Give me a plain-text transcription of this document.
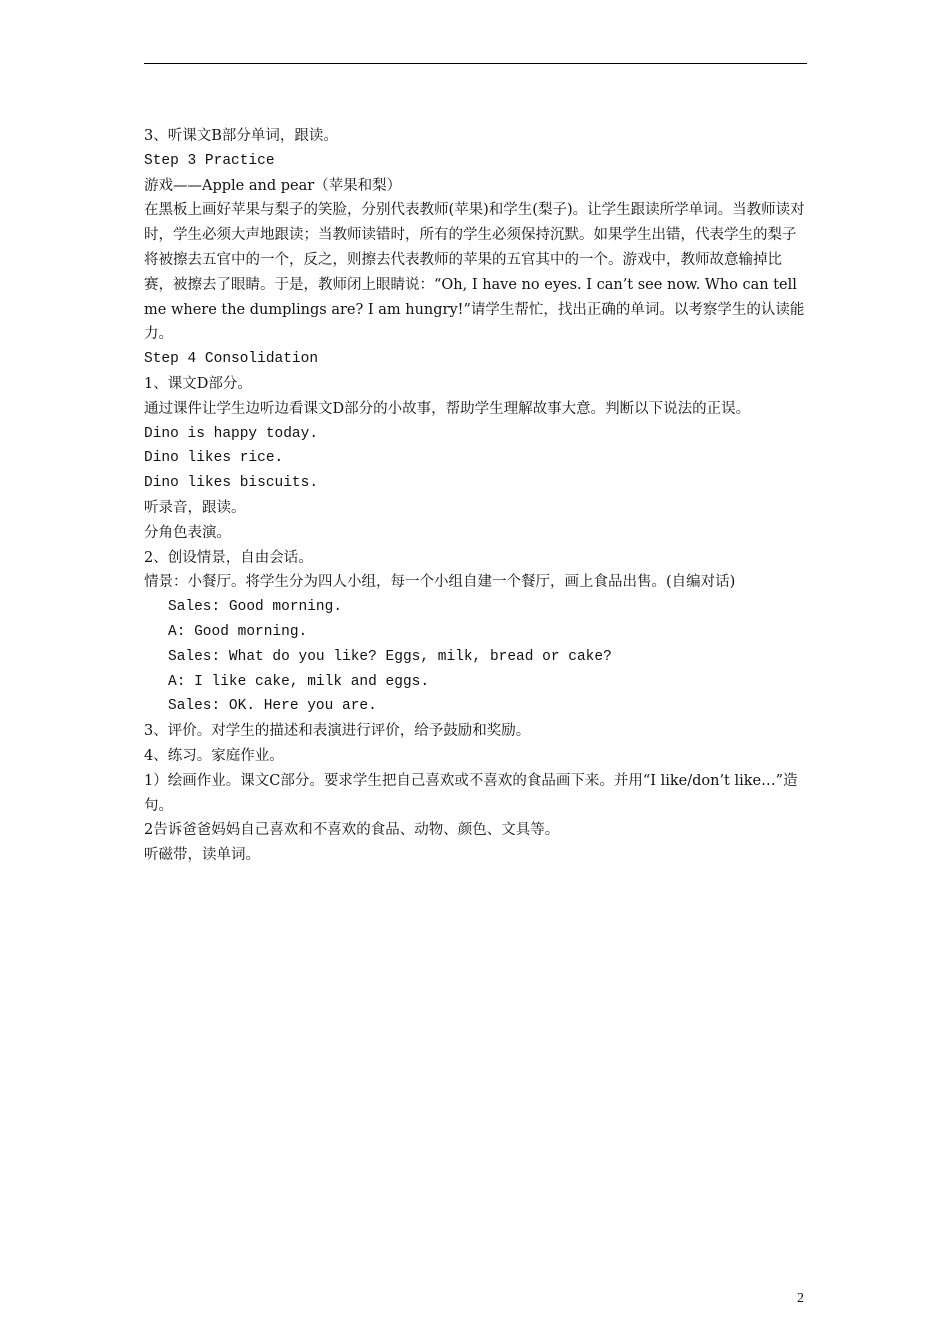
3、听课文B部分单词，跟读。

Step 3 Practice

游戏——Apple and pear（苹果和梨）

在黑板上画好苹果与梨子的笑脸，分别代表教师(苹果)和学生(梨子)。让学生跟读所学单词。当教师读对时，学生必须大声地跟读；当教师读错时，所有的学生必须保持沉默。如果学生出错，代表学生的梨子将被擦去五官中的一个，反之，则擦去代表教师的苹果的五官其中的一个。游戏中，教师故意输掉比赛，被擦去了眼睛。于是，教师闭上眼睛说：“Oh, I have no eyes. I can’t see now. Who can tell me where the dumplings are? I am hungry!”请学生帮忙，找出正确的单词。以考察学生的认读能力。

Step 4 Consolidation

1、课文D部分。

通过课件让学生边听边看课文D部分的小故事，帮助学生理解故事大意。判断以下说法的正误。

Dino is happy today.

Dino likes rice.

Dino likes biscuits.

听录音，跟读。

分角色表演。

2、创设情景，自由会话。

情景：小餐厅。将学生分为四人小组，每一个小组自建一个餐厅，画上食品出售。(自编对话)

Sales: Good morning.

A: Good morning.

Sales: What do you like? Eggs, milk, bread or cake?

A: I like cake, milk and eggs.

Sales: OK. Here you are.

3、评价。对学生的描述和表演进行评价，给予鼓励和奖励。

4、练习。家庭作业。

1）绘画作业。课文C部分。要求学生把自己喜欢或不喜欢的食品画下来。并用“I like/don’t like…”造句。

2告诉爸爸妈妈自己喜欢和不喜欢的食品、动物、颜色、文具等。

听磁带，读单词。

2
